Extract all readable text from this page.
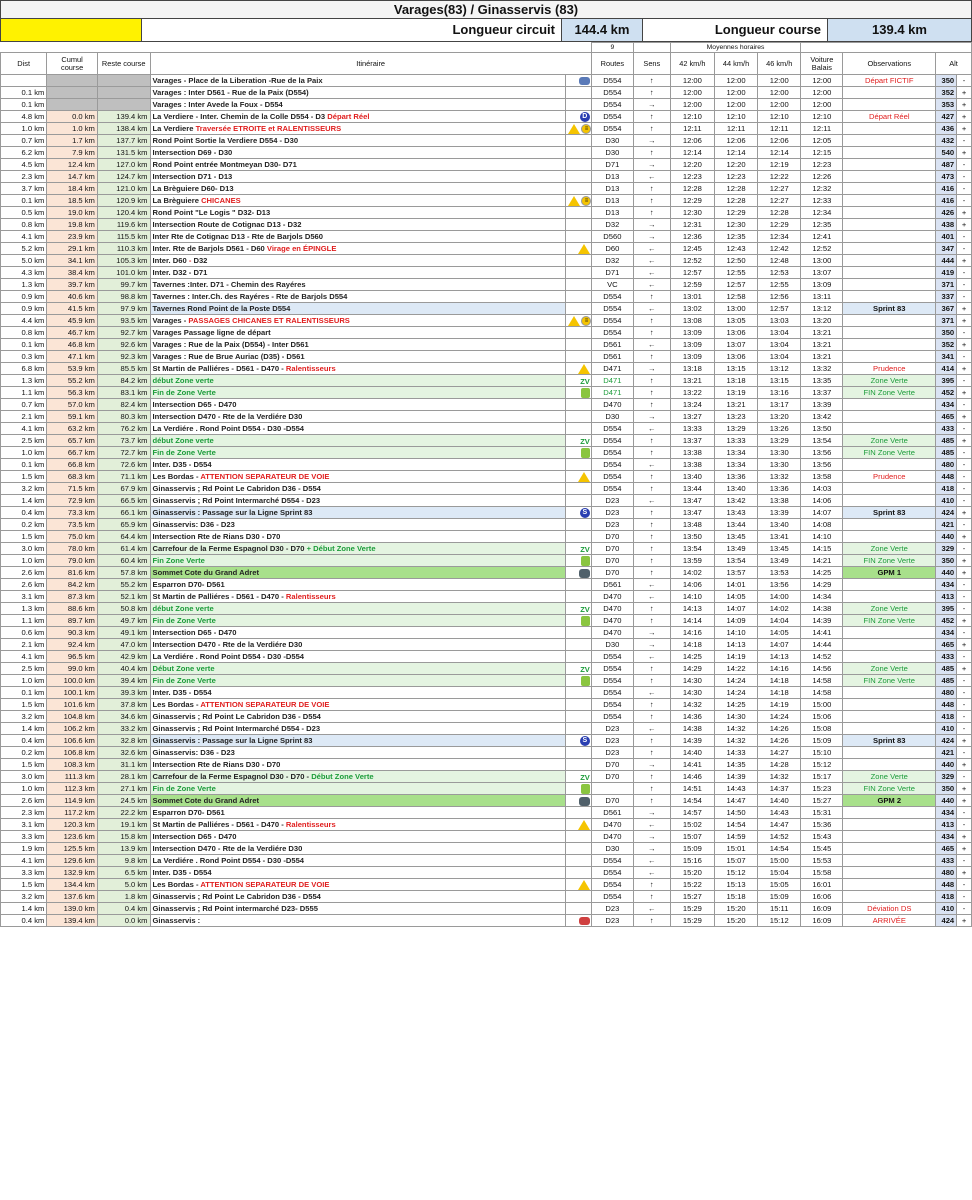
Varages(83) / Ginasservis (83)
Longueur circuit	144.4 km	Longueur course	139.4 km
					9		Moyennes horaires						
Dist	Cumul course	Reste course	Itinéraire		Routes	Sens	42 km/h	44 km/h	46 km/h	Voiture Balais	Observations	Alt	
			Varages - Place de la Liberation -Rue de la Paix		D554	↑	12:00	12:00	12:00	12:00	Départ FICTIF	350	-
0.1 km			Varages : Inter D561 - Rue de la Paix (D554)		D554	↑	12:00	12:00	12:00	12:00		352	+
0.1 km			Varages : Inter Avede la Foux - D554		D554	→	12:00	12:00	12:00	12:00		353	+
4.8 km	0.0 km	139.4 km	La Verdiere - Inter. Chemin de la Colle D554 - D3 Départ Réel	D	D554	↑	12:10	12:10	12:10	12:10	Départ Réel	427	+
1.0 km	1.0 km	138.4 km	La Verdiere Traversée ETROITE et RALENTISSEURS	≡	D554	↑	12:11	12:11	12:11	12:11		436	+
0.7 km	1.7 km	137.7 km	Rond Point Sortie la Verdiere D554 - D30		D30	→	12:06	12:06	12:06	12:05		432	-
6.2 km	7.9 km	131.5 km	Intersection D69 - D30		D30	↑	12:14	12:14	12:14	12:15		540	+
4.5 km	12.4 km	127.0 km	Rond Point entrée Montmeyan D30- D71		D71	→	12:20	12:20	12:19	12:23		487	-
2.3 km	14.7 km	124.7 km	Intersection D71 - D13		D13	←	12:23	12:23	12:22	12:26		473	-
3.7 km	18.4 km	121.0 km	La Brèguiere D60- D13		D13	↑	12:28	12:28	12:27	12:32		416	-
0.1 km	18.5 km	120.9 km	La Brèguiere CHICANES	≡	D13	↑	12:29	12:28	12:27	12:33		416	-
0.5 km	19.0 km	120.4 km	Rond Point "Le Logis " D32- D13		D13	↑	12:30	12:29	12:28	12:34		426	+
0.8 km	19.8 km	119.6 km	Intersection Route de Cotignac D13 - D32		D32	→	12:31	12:30	12:29	12:35		438	+
4.1 km	23.9 km	115.5 km	Inter Rte de Cotignac D13 - Rte de Barjols D560		D560	→	12:36	12:35	12:34	12:41		401	-
5.2 km	29.1 km	110.3 km	Inter. Rte de Barjols D561 - D60 Virage en ÉPINGLE		D60	←	12:45	12:43	12:42	12:52		347	-
5.0 km	34.1 km	105.3 km	Inter. D60 - D32		D32	←	12:52	12:50	12:48	13:00		444	+
4.3 km	38.4 km	101.0 km	Inter. D32 - D71		D71	←	12:57	12:55	12:53	13:07		419	-
1.3 km	39.7 km	99.7 km	Tavernes :Inter. D71 - Chemin des Rayéres		VC	←	12:59	12:57	12:55	13:09		371	-
0.9 km	40.6 km	98.8 km	Tavernes : Inter.Ch. des Rayéres - Rte de Barjols D554		D554	↑	13:01	12:58	12:56	13:11		337	-
0.9 km	41.5 km	97.9 km	Tavernes Rond Point de la Poste D554		D554	←	13:02	13:00	12:57	13:12	Sprint 83	367	+
4.4 km	45.9 km	93.5 km	Varages - PASSAGES CHICANES ET RALENTISSEURS	≡	D554	↑	13:08	13:05	13:03	13:20		371	+
0.8 km	46.7 km	92.7 km	Varages Passage ligne de départ		D554	↑	13:09	13:06	13:04	13:21		350	-
0.1 km	46.8 km	92.6 km	Varages : Rue de la Paix (D554) - Inter D561		D561	←	13:09	13:07	13:04	13:21		352	+
0.3 km	47.1 km	92.3 km	Varages : Rue de Brue Auriac (D35) - D561		D561	↑	13:09	13:06	13:04	13:21		341	-
6.8 km	53.9 km	85.5 km	St Martin de Palliéres - D561 - D470 - Ralentisseurs		D471	→	13:18	13:15	13:12	13:32	Prudence	414	+
1.3 km	55.2 km	84.2 km	début Zone verte	ZV	D471	↑	13:21	13:18	13:15	13:35	Zone Verte	395	-
1.1 km	56.3 km	83.1 km	Fin de Zone Verte		D471	↑	13:22	13:19	13:16	13:37	FIN Zone Verte	452	+
0.7 km	57.0 km	82.4 km	Intersection D65 - D470		D470	↑	13:24	13:21	13:17	13:39		434	-
2.1 km	59.1 km	80.3 km	Intersection D470 - Rte de la Verdiére D30		D30	→	13:27	13:23	13:20	13:42		465	+
4.1 km	63.2 km	76.2 km	La Verdiére . Rond Point D554 - D30 -D554		D554	←	13:33	13:29	13:26	13:50		433	-
2.5 km	65.7 km	73.7 km	début Zone verte	ZV	D554	↑	13:37	13:33	13:29	13:54	Zone Verte	485	+
1.0 km	66.7 km	72.7 km	Fin de Zone Verte		D554	↑	13:38	13:34	13:30	13:56	FIN Zone Verte	485	-
0.1 km	66.8 km	72.6 km	Inter. D35 - D554		D554	←	13:38	13:34	13:30	13:56		480	-
1.5 km	68.3 km	71.1 km	Les Bordas - ATTENTION SEPARATEUR DE VOIE		D554	↑	13:40	13:36	13:32	13:58	Prudence	448	-
3.2 km	71.5 km	67.9 km	Ginasservis ; Rd Point Le Cabridon D36 - D554		D554	↑	13:44	13:40	13:36	14:03		418	-
1.4 km	72.9 km	66.5 km	Ginasservis ; Rd Point Intermarché D554 - D23		D23	←	13:47	13:42	13:38	14:06		410	-
0.4 km	73.3 km	66.1 km	Ginasservis : Passage sur la Ligne Sprint 83	S	D23	↑	13:47	13:43	13:39	14:07	Sprint 83	424	+
0.2 km	73.5 km	65.9 km	Ginasservis: D36 - D23		D23	↑	13:48	13:44	13:40	14:08		421	-
1.5 km	75.0 km	64.4 km	Intersection Rte de Rians D30 - D70		D70	↑	13:50	13:45	13:41	14:10		440	+
3.0 km	78.0 km	61.4 km	Carrefour de la Ferme Espagnol D30 - D70 + Début Zone Verte	ZV	D70	↑	13:54	13:49	13:45	14:15	Zone Verte	329	-
1.0 km	79.0 km	60.4 km	Fin Zone Verte		D70	↑	13:59	13:54	13:49	14:21	FIN Zone Verte	350	+
2.6 km	81.6 km	57.8 km	Sommet Cote du Grand Adret		D70	↑	14:02	13:57	13:53	14:25	GPM 1	440	+
2.6 km	84.2 km	55.2 km	Esparron D70- D561		D561	←	14:06	14:01	13:56	14:29		434	-
3.1 km	87.3 km	52.1 km	St Martin de Palliéres - D561 - D470 - Ralentisseurs		D470	←	14:10	14:05	14:00	14:34		413	-
1.3 km	88.6 km	50.8 km	début Zone verte	ZV	D470	↑	14:13	14:07	14:02	14:38	Zone Verte	395	-
1.1 km	89.7 km	49.7 km	Fin de Zone Verte		D470	↑	14:14	14:09	14:04	14:39	FIN Zone Verte	452	+
0.6 km	90.3 km	49.1 km	Intersection D65 - D470		D470	→	14:16	14:10	14:05	14:41		434	-
2.1 km	92.4 km	47.0 km	Intersection D470 - Rte de la Verdiére D30		D30	→	14:18	14:13	14:07	14:44		465	+
4.1 km	96.5 km	42.9 km	La Verdiére . Rond Point D554 - D30 -D554		D554	←	14:25	14:19	14:13	14:52		433	-
2.5 km	99.0 km	40.4 km	Début Zone verte	ZV	D554	↑	14:29	14:22	14:16	14:56	Zone Verte	485	+
1.0 km	100.0 km	39.4 km	Fin de Zone Verte		D554	↑	14:30	14:24	14:18	14:58	FIN Zone Verte	485	-
0.1 km	100.1 km	39.3 km	Inter. D35 - D554		D554	←	14:30	14:24	14:18	14:58		480	-
1.5 km	101.6 km	37.8 km	Les Bordas - ATTENTION SEPARATEUR DE VOIE		D554	↑	14:32	14:25	14:19	15:00		448	-
3.2 km	104.8 km	34.6 km	Ginasservis ; Rd Point Le Cabridon D36 - D554		D554	↑	14:36	14:30	14:24	15:06		418	-
1.4 km	106.2 km	33.2 km	Ginasservis ; Rd Point Intermarché D554 - D23		D23	←	14:38	14:32	14:26	15:08		410	-
0.4 km	106.6 km	32.8 km	Ginasservis : Passage sur la Ligne Sprint 83	S	D23	↑	14:39	14:32	14:26	15:09	Sprint 83	424	+
0.2 km	106.8 km	32.6 km	Ginasservis: D36 - D23		D23	↑	14:40	14:33	14:27	15:10		421	-
1.5 km	108.3 km	31.1 km	Intersection Rte de Rians D30 - D70		D70	→	14:41	14:35	14:28	15:12		440	+
3.0 km	111.3 km	28.1 km	Carrefour de la Ferme Espagnol D30 - D70 - Début Zone Verte	ZV	D70	↑	14:46	14:39	14:32	15:17	Zone Verte	329	-
1.0 km	112.3 km	27.1 km	Fin de Zone Verte			↑	14:51	14:43	14:37	15:23	FIN Zone Verte	350	+
2.6 km	114.9 km	24.5 km	Sommet Cote du Grand Adret		D70	↑	14:54	14:47	14:40	15:27	GPM 2	440	+
2.3 km	117.2 km	22.2 km	Esparron D70- D561		D561	→	14:57	14:50	14:43	15:31		434	-
3.1 km	120.3 km	19.1 km	St Martin de Palliéres - D561 - D470 - Ralentisseurs		D470	←	15:02	14:54	14:47	15:36		413	-
3.3 km	123.6 km	15.8 km	Intersection D65 - D470		D470	→	15:07	14:59	14:52	15:43		434	+
1.9 km	125.5 km	13.9 km	Intersection D470 - Rte de la Verdiére D30		D30	→	15:09	15:01	14:54	15:45		465	+
4.1 km	129.6 km	9.8 km	La Verdiére . Rond Point D554 - D30 -D554		D554	←	15:16	15:07	15:00	15:53		433	-
3.3 km	132.9 km	6.5 km	Inter. D35 - D554		D554	←	15:20	15:12	15:04	15:58		480	+
1.5 km	134.4 km	5.0 km	Les Bordas - ATTENTION SEPARATEUR DE VOIE		D554	↑	15:22	15:13	15:05	16:01		448	-
3.2 km	137.6 km	1.8 km	Ginasservis ; Rd Point Le Cabridon D36 - D554		D554	↑	15:27	15:18	15:09	16:06		418	-
1.4 km	139.0 km	0.4 km	Ginasservis ; Rd Point intermarché D23- D555		D23	←	15:29	15:20	15:11	16:09	Déviation DS	410	-
0.4 km	139.4 km	0.0 km	Ginasservis :		D23	↑	15:29	15:20	15:12	16:09	ARRIVÉE	424	+
